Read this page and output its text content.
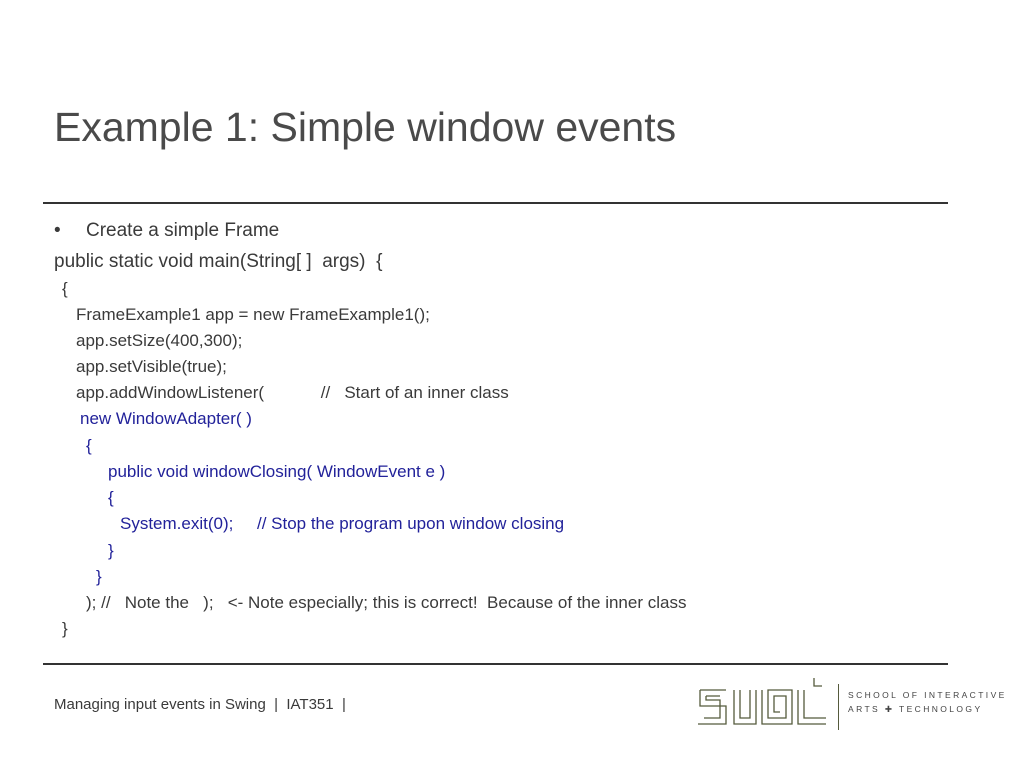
Example 1: Simple window events
• Create a simple Frame
public static void main(String[ ]  args)  {
{
FrameExample1 app = new FrameExample1();
app.setSize(400,300);
app.setVisible(true);
app.addWindowListener(            //   Start of an inner class
new WindowAdapter( )
{
public void windowClosing( WindowEvent e )
{
System.exit(0);     // Stop the program upon window closing
}
}
); //   Note the   );   <- Note especially; this is correct!  Because of the inner class
}
Managing input events in Swing  |  IAT351  |
SCHOOL OF INTERACTIVE
ARTS ✚ TECHNOLOGY
